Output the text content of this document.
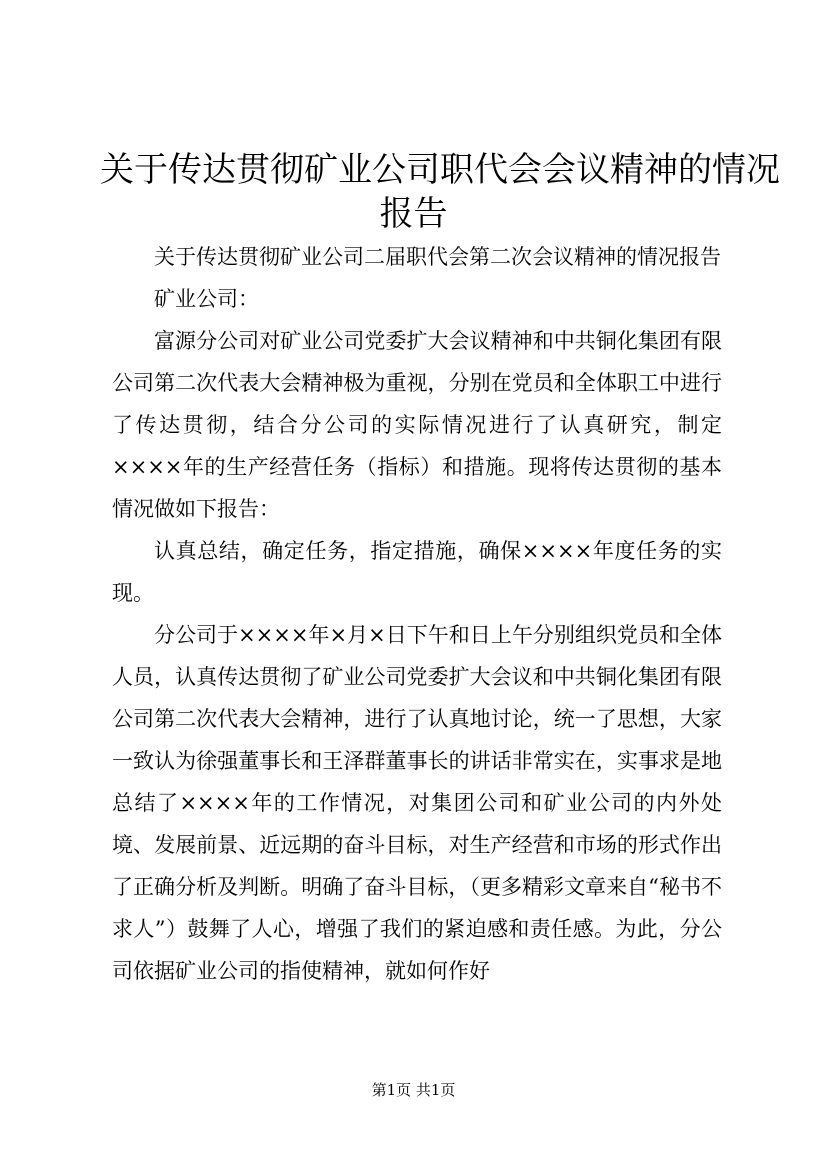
关于传达贯彻矿业公司职代会会议精神的情况
报告

关于传达贯彻矿业公司二届职代会第二次会议精神的情况报告

矿业公司：

富源分公司对矿业公司党委扩大会议精神和中共铜化集团有限公司第二次代表大会精神极为重视，分别在党员和全体职工中进行了传达贯彻，结合分公司的实际情况进行了认真研究，制定××××年的生产经营任务（指标）和措施。现将传达贯彻的基本情况做如下报告：

认真总结，确定任务，指定措施，确保××××年度任务的实现。

分公司于××××年×月×日下午和日上午分别组织党员和全体人员，认真传达贯彻了矿业公司党委扩大会议和中共铜化集团有限公司第二次代表大会精神，进行了认真地讨论，统一了思想，大家一致认为徐强董事长和王泽群董事长的讲话非常实在，实事求是地总结了××××年的工作情况，对集团公司和矿业公司的内外处境、发展前景、近远期的奋斗目标，对生产经营和市场的形式作出了正确分析及判断。明确了奋斗目标，（更多精彩文章来自“秘书不求人”）鼓舞了人心，增强了我们的紧迫感和责任感。为此，分公司依据矿业公司的指使精神，就如何作好

第1页 共1页
